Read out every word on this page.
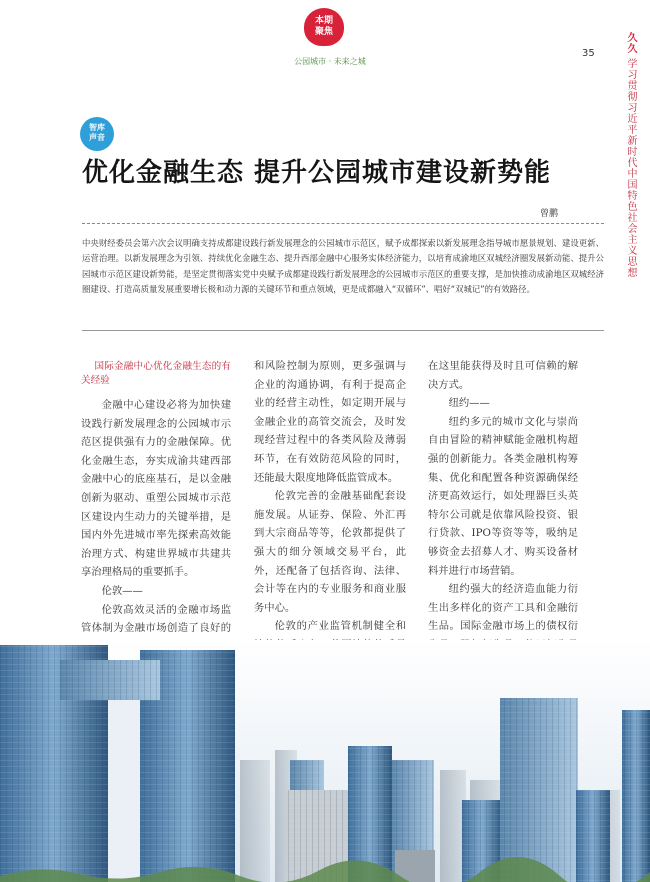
本期
聚焦
公园城市 · 未来之城
35	久久 学习贯彻习近平新时代中国特色社会主义思想
智库
声音
优化金融生态 提升公园城市建设新势能
曾鹏
中央财经委员会第六次会议明确支持成都建设践行新发展理念的公园城市示范区，赋予成都探索以新发展理念指导城市愿景规划、建设更新、运营治理。以新发展理念为引领、持续优化金融生态、提升西部金融中心服务实体经济能力，以培育成渝地区双城经济圈发展新动能、提升公园城市示范区建设新势能，是坚定贯彻落实党中央赋予成都建设践行新发展理念的公园城市示范区的重要支撑，是加快推动成渝地区双城经济圈建设、打造高质量发展重要增长极和动力源的关键环节和重点领域，更是成都融入“双循环”、唱好“双城记”的有效路径。
国际金融中心优化金融生态的有关经验

金融中心建设必将为加快建设践行新发展理念的公园城市示范区提供强有力的金融保障。优化金融生态，夯实成渝共建西部金融中心的底座基石，是以金融创新为驱动、重塑公园城市示范区建设内生动力的关键举措，是国内外先进城市率先探索高效能治理方式、构建世界城市共建共享治理格局的重要抓手。

伦敦——

伦敦高效灵活的金融市场监管体制为金融市场创造了良好的

和风险控制为原则，更多强调与企业的沟通协调，有利于提高企业的经营主动性，如定期开展与金融企业的高管交流会，及时发现经营过程中的各类风险及薄弱环节，在有效防范风险的同时，还能最大限度地降低监管成本。

伦敦完善的金融基础配套设施发展。从证券、保险、外汇再到大宗商品等等，伦敦都提供了强大的细分领域交易平台，此外，还配备了包括咨询、法律、会计等在内的专业服务和商业服务中心。

伦敦的产业监管机制健全和

在这里能获得及时且可信赖的解决方式。

纽约——

纽约多元的城市文化与崇尚自由冒险的精神赋能金融机构超强的创新能力。各类金融机构筹集、优化和配置各种资源确保经济更高效运行，如处理器巨头英特尔公司就是依靠风险投资、银行贷款、IPO等资等等，吸纳足够资金去招募人才、购买设备材料并进行市场营销。

纽约强大的经济造血能力衍生出多样化的资产工具和金融衍生品。国际金融市场上的债权衍
